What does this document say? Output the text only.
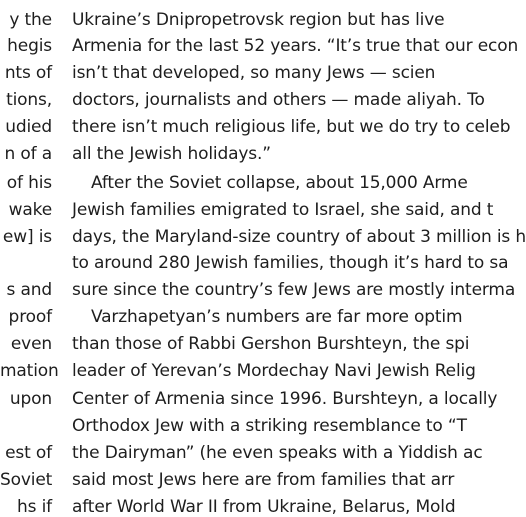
y the
hegis
nts of
tions,
udied
n of a
of his
wake
ew] is
s and
proof
even
mation
upon
est of
Soviet
hs if
Ukraine’s Dnipropetrovsk region but has live
Armenia for the last 52 years. “It’s true that our econ
isn’t that developed, so many Jews — scien
doctors, journalists and others — made aliyah. To
there isn’t much religious life, but we do try to celeb
all the Jewish holidays.”
After the Soviet collapse, about 15,000 Arme
Jewish families emigrated to Israel, she said, and t
days, the Maryland-size country of about 3 million is h
to around 280 Jewish families, though it’s hard to sa
sure since the country’s few Jews are mostly interma
Varzhapetyan’s numbers are far more optim
than those of Rabbi Gershon Burshteyn, the spi
leader of Yerevan’s Mordechay Navi Jewish Relig
Center of Armenia since 1996. Burshteyn, a locally
Orthodox Jew with a striking resemblance to “T
the Dairyman” (he even speaks with a Yiddish ac
said most Jews here are from families that arr
after World War II from Ukraine, Belarus, Mold
